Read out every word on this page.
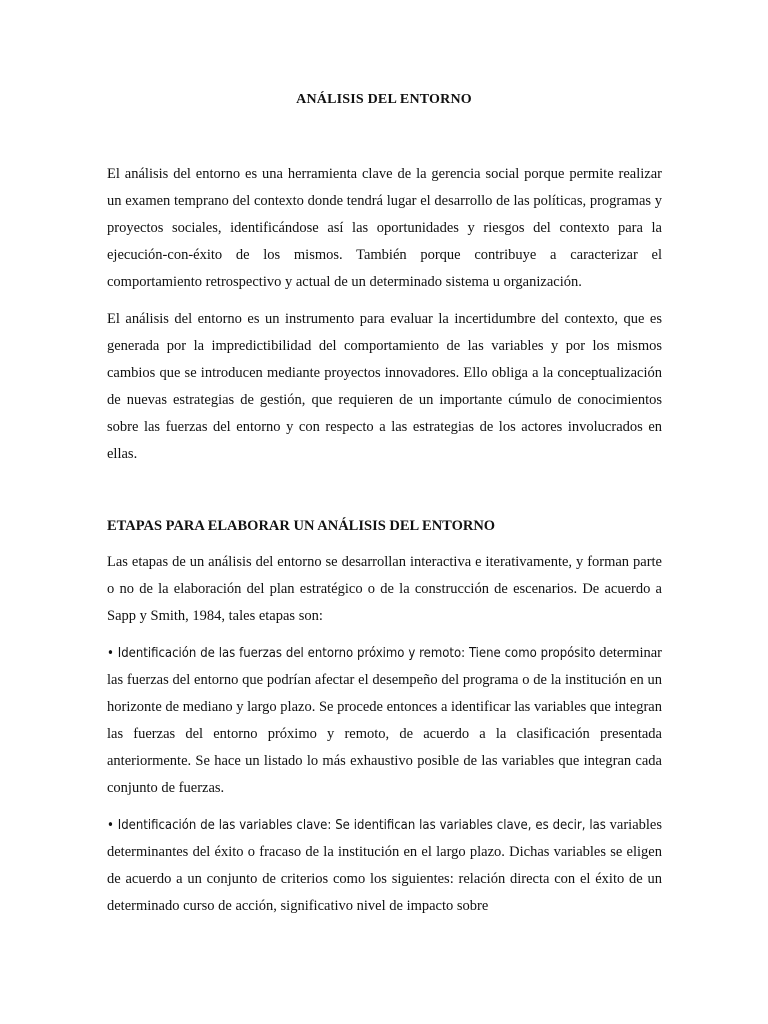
ANÁLISIS DEL ENTORNO

El análisis del entorno es una herramienta clave de la gerencia social porque permite realizar un examen temprano del contexto donde tendrá lugar el desarrollo de las políticas, programas y proyectos sociales, identificándose así las oportunidades y riesgos del contexto para la ejecución-con-éxito de los mismos. También porque contribuye a caracterizar el comportamiento retrospectivo y actual de un determinado sistema u organización.

El análisis del entorno es un instrumento para evaluar la incertidumbre del contexto, que es generada por la impredictibilidad del comportamiento de las variables y por los mismos cambios que se introducen mediante proyectos innovadores. Ello obliga a la conceptualización de nuevas estrategias de gestión, que requieren de un importante cúmulo de conocimientos sobre las fuerzas del entorno y con respecto a las estrategias de los actores involucrados en ellas.

ETAPAS PARA ELABORAR UN ANÁLISIS DEL ENTORNO

Las etapas de un análisis del entorno se desarrollan interactiva e iterativamente, y forman parte o no de la elaboración del plan estratégico o de la construcción de escenarios. De acuerdo a Sapp y Smith, 1984, tales etapas son:

• Identificación de las fuerzas del entorno próximo y remoto: Tiene como propósito determinar las fuerzas del entorno que podrían afectar el desempeño del programa o de la institución en un horizonte de mediano y largo plazo. Se procede entonces a identificar las variables que integran las fuerzas del entorno próximo y remoto, de acuerdo a la clasificación presentada anteriormente. Se hace un listado lo más exhaustivo posible de las variables que integran cada conjunto de fuerzas.

• Identificación de las variables clave: Se identifican las variables clave, es decir, las variables determinantes del éxito o fracaso de la institución en el largo plazo. Dichas variables se eligen de acuerdo a un conjunto de criterios como los siguientes: relación directa con el éxito de un determinado curso de acción, significativo nivel de impacto sobre
